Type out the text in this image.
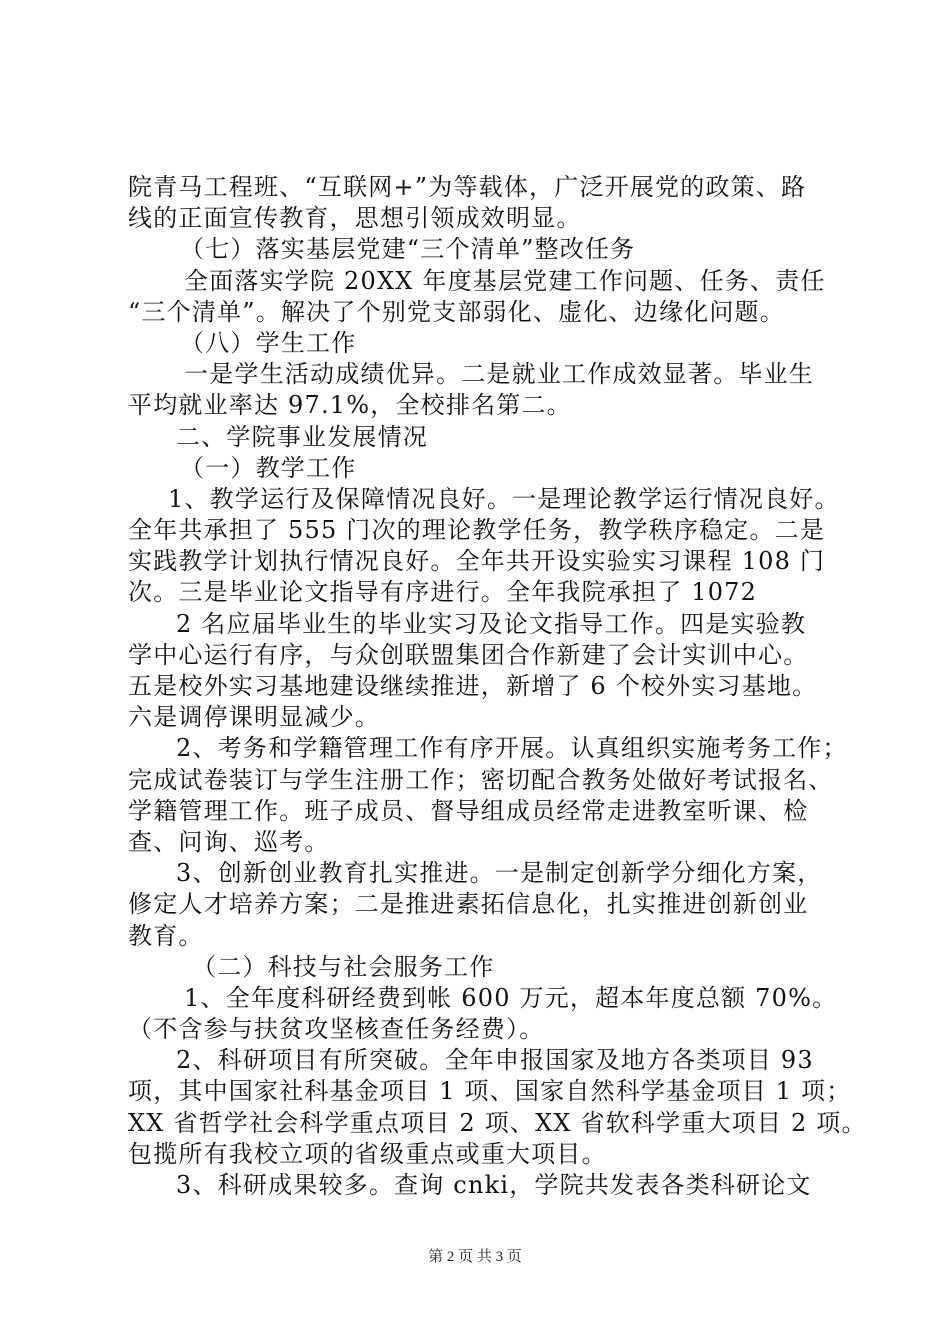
院青马工程班、“互联网+”为等载体，广泛开展党的政策、路
线的正面宣传教育，思想引领成效明显。
（七）落实基层党建“三个清单”整改任务
全面落实学院 20XX 年度基层党建工作问题、任务、责任
“三个清单”。解决了个别党支部弱化、虚化、边缘化问题。
（八）学生工作
一是学生活动成绩优异。二是就业工作成效显著。毕业生
平均就业率达 97.1%，全校排名第二。
二、学院事业发展情况
（一）教学工作
1、教学运行及保障情况良好。一是理论教学运行情况良好。
全年共承担了 555 门次的理论教学任务，教学秩序稳定。二是
实践教学计划执行情况良好。全年共开设实验实习课程 108 门
次。三是毕业论文指导有序进行。全年我院承担了 1072
2 名应届毕业生的毕业实习及论文指导工作。四是实验教
学中心运行有序，与众创联盟集团合作新建了会计实训中心。
五是校外实习基地建设继续推进，新增了 6 个校外实习基地。
六是调停课明显减少。
2、考务和学籍管理工作有序开展。认真组织实施考务工作；
完成试卷装订与学生注册工作；密切配合教务处做好考试报名、
学籍管理工作。班子成员、督导组成员经常走进教室听课、检
查、问询、巡考。
3、创新创业教育扎实推进。一是制定创新学分细化方案，
修定人才培养方案；二是推进素拓信息化，扎实推进创新创业
教育。
（二）科技与社会服务工作
1、全年度科研经费到帐 600 万元，超本年度总额 70%。
（不含参与扶贫攻坚核查任务经费）。
2、科研项目有所突破。全年申报国家及地方各类项目 93
项，其中国家社科基金项目 1 项、国家自然科学基金项目 1 项；
XX 省哲学社会科学重点项目 2 项、XX 省软科学重大项目 2 项。
包揽所有我校立项的省级重点或重大项目。
3、科研成果较多。查询 cnki，学院共发表各类科研论文
第 2 页 共 3 页
